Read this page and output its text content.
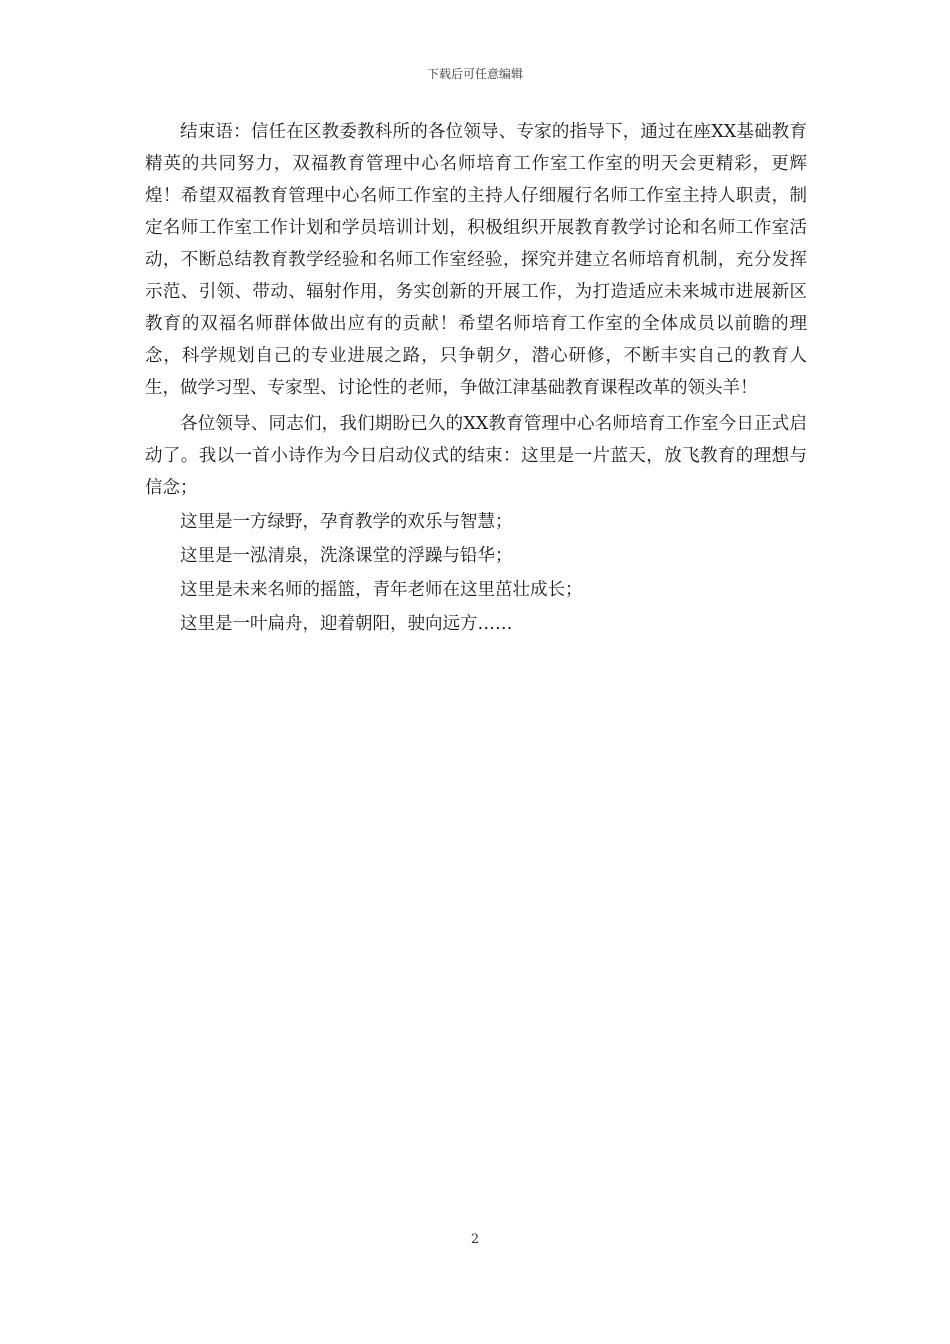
下载后可任意编辑

结束语：信任在区教委教科所的各位领导、专家的指导下，通过在座XX基础教育精英的共同努力，双福教育管理中心名师培育工作室工作室的明天会更精彩，更辉煌！希望双福教育管理中心名师工作室的主持人仔细履行名师工作室主持人职责，制定名师工作室工作计划和学员培训计划，积极组织开展教育教学讨论和名师工作室活动，不断总结教育教学经验和名师工作室经验，探究并建立名师培育机制，充分发挥示范、引领、带动、辐射作用，务实创新的开展工作，为打造适应未来城市进展新区教育的双福名师群体做出应有的贡献！希望名师培育工作室的全体成员以前瞻的理念，科学规划自己的专业进展之路，只争朝夕，潜心研修，不断丰实自己的教育人生，做学习型、专家型、讨论性的老师，争做江津基础教育课程改革的领头羊！

各位领导、同志们，我们期盼已久的XX教育管理中心名师培育工作室今日正式启动了。我以一首小诗作为今日启动仪式的结束：这里是一片蓝天，放飞教育的理想与信念；

这里是一方绿野，孕育教学的欢乐与智慧；

这里是一泓清泉，洗涤课堂的浮躁与铅华；

这里是未来名师的摇篮，青年老师在这里茁壮成长；

这里是一叶扁舟，迎着朝阳，驶向远方……

2
